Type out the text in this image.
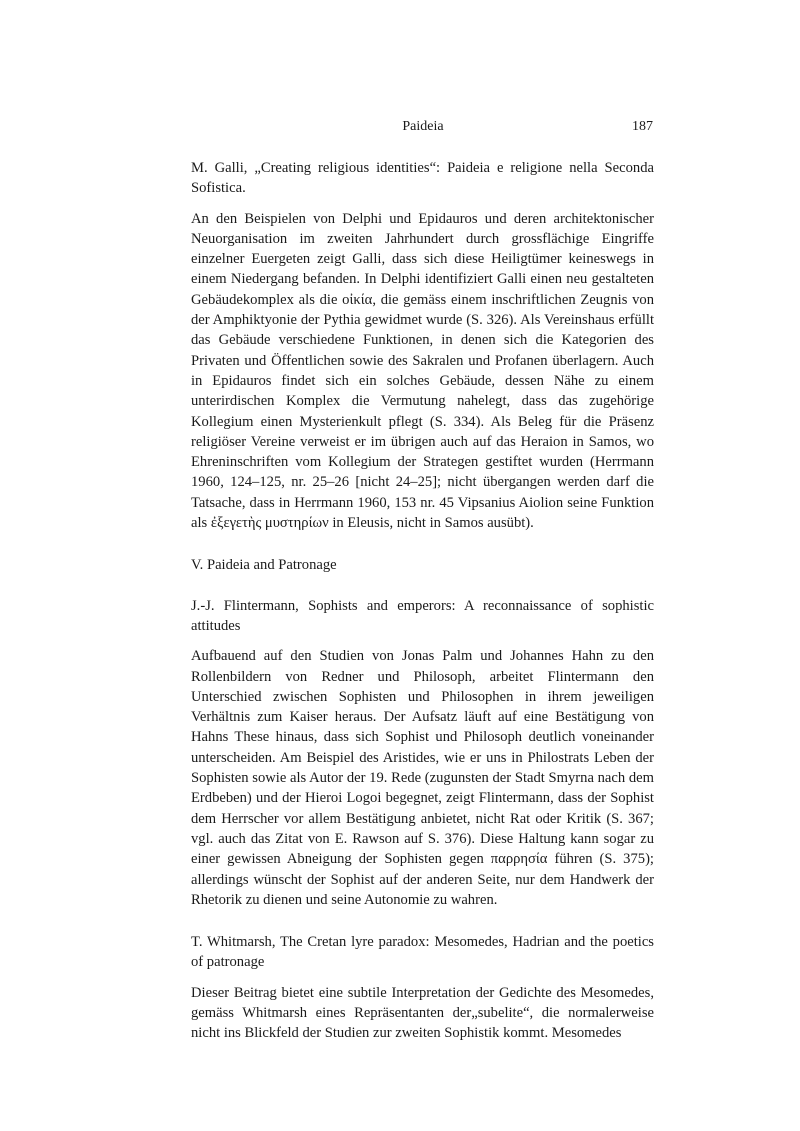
Paideia	187

M. Galli, „Creating religious identities“: Paideia e religione nella Seconda Sofistica.

An den Beispielen von Delphi und Epidauros und deren architektonischer Neuorganisation im zweiten Jahrhundert durch grossflächige Eingriffe einzelner Euergeten zeigt Galli, dass sich diese Heiligtümer keineswegs in einem Niedergang befanden. In Delphi identifiziert Galli einen neu gestalteten Gebäudekomplex als die οἰκία, die gemäss einem inschriftlichen Zeugnis von der Amphiktyonie der Pythia gewidmet wurde (S. 326). Als Vereinshaus erfüllt das Gebäude verschiedene Funktionen, in denen sich die Kategorien des Privaten und Öffentlichen sowie des Sakralen und Profanen überlagern. Auch in Epidauros findet sich ein solches Gebäude, dessen Nähe zu einem unterirdischen Komplex die Vermutung nahelegt, dass das zugehörige Kollegium einen Mysterienkult pflegt (S. 334). Als Beleg für die Präsenz religiöser Vereine verweist er im übrigen auch auf das Heraion in Samos, wo Ehreninschriften vom Kollegium der Strategen gestiftet wurden (Herrmann 1960, 124–125, nr. 25–26 [nicht 24–25]; nicht übergangen werden darf die Tatsache, dass in Herrmann 1960, 153 nr. 45 Vipsanius Aiolion seine Funktion als ἐξεγετὴς μυστηρίων in Eleusis, nicht in Samos ausübt).

V. Paideia and Patronage

J.-J. Flintermann, Sophists and emperors: A reconnaissance of sophistic attitudes

Aufbauend auf den Studien von Jonas Palm und Johannes Hahn zu den Rollenbildern von Redner und Philosoph, arbeitet Flintermann den Unterschied zwischen Sophisten und Philosophen in ihrem jeweiligen Verhältnis zum Kaiser heraus. Der Aufsatz läuft auf eine Bestätigung von Hahns These hinaus, dass sich Sophist und Philosoph deutlich voneinander unterscheiden. Am Beispiel des Aristides, wie er uns in Philostrats Leben der Sophisten sowie als Autor der 19. Rede (zugunsten der Stadt Smyrna nach dem Erdbeben) und der Hieroi Logoi begegnet, zeigt Flintermann, dass der Sophist dem Herrscher vor allem Bestätigung anbietet, nicht Rat oder Kritik (S. 367; vgl. auch das Zitat von E. Rawson auf S. 376). Diese Haltung kann sogar zu einer gewissen Abneigung der Sophisten gegen παρρησία führen (S. 375); allerdings wünscht der Sophist auf der anderen Seite, nur dem Handwerk der Rhetorik zu dienen und seine Autonomie zu wahren.

T. Whitmarsh, The Cretan lyre paradox: Mesomedes, Hadrian and the poetics of patronage

Dieser Beitrag bietet eine subtile Interpretation der Gedichte des Mesomedes, gemäss Whitmarsh eines Repräsentanten der„subelite“, die normalerweise nicht ins Blickfeld der Studien zur zweiten Sophistik kommt. Mesomedes
